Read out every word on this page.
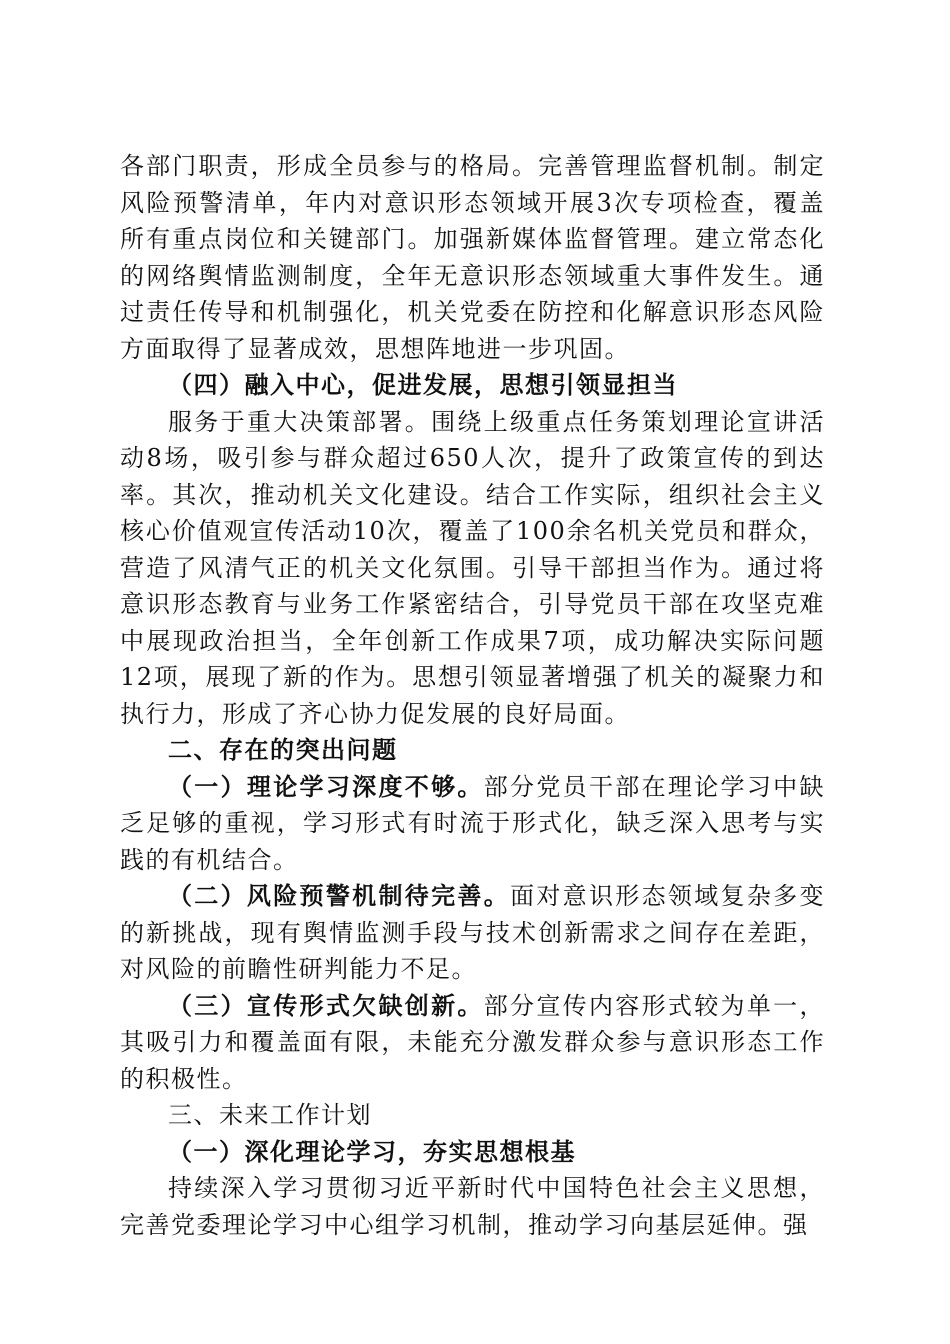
各部门职责，形成全员参与的格局。完善管理监督机制。制定风险预警清单，年内对意识形态领域开展3次专项检查，覆盖所有重点岗位和关键部门。加强新媒体监督管理。建立常态化的网络舆情监测制度，全年无意识形态领域重大事件发生。通过责任传导和机制强化，机关党委在防控和化解意识形态风险方面取得了显著成效，思想阵地进一步巩固。

（四）融入中心，促进发展，思想引领显担当

服务于重大决策部署。围绕上级重点任务策划理论宣讲活动8场，吸引参与群众超过650人次，提升了政策宣传的到达率。其次，推动机关文化建设。结合工作实际，组织社会主义核心价值观宣传活动10次，覆盖了100余名机关党员和群众，营造了风清气正的机关文化氛围。引导干部担当作为。通过将意识形态教育与业务工作紧密结合，引导党员干部在攻坚克难中展现政治担当，全年创新工作成果7项，成功解决实际问题12项，展现了新的作为。思想引领显著增强了机关的凝聚力和执行力，形成了齐心协力促发展的良好局面。

二、存在的突出问题

（一）理论学习深度不够。部分党员干部在理论学习中缺乏足够的重视，学习形式有时流于形式化，缺乏深入思考与实践的有机结合。

（二）风险预警机制待完善。面对意识形态领域复杂多变的新挑战，现有舆情监测手段与技术创新需求之间存在差距，对风险的前瞻性研判能力不足。

（三）宣传形式欠缺创新。部分宣传内容形式较为单一，其吸引力和覆盖面有限，未能充分激发群众参与意识形态工作的积极性。

三、未来工作计划

（一）深化理论学习，夯实思想根基

持续深入学习贯彻习近平新时代中国特色社会主义思想，完善党委理论学习中心组学习机制，推动学习向基层延伸。强
